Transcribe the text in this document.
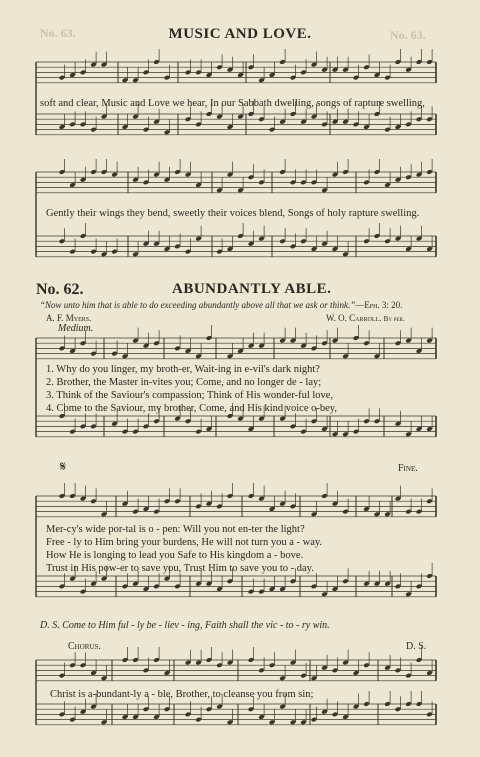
No. 63.	No. 63.
MUSIC AND LOVE.
soft and clear, Music and Love we hear, In our Sabbath dwelling, songs of rapture swelling,
Gently their wings they bend, sweetly their voices blend, Songs of holy rapture swelling.
No. 62.	ABUNDANTLY ABLE.
“Now unto him that is able to do exceeding abundantly above all that we ask or think.”—Eph. 3: 20.
A. F. Myers.	W. O. Carroll. By per.
Medium.
1. Why do you linger, my broth-er, Wait-ing in e-vil's dark night?
2. Brother, the Master in-vites you; Come, and no longer de - lay;
3. Think of the Saviour's compassion; Think of His wonder-ful love,
4. Come to the Saviour, my brother, Come, and His kind voice o-bey,
𝄋	Fine.
Mer-cy's wide por-tal is o - pen: Will you not en-ter the light?
Free - ly to Him bring your burdens, He will not turn you a - way.
How He is longing to lead you Safe to His kingdom a - bove.
Trust in His pow-er to save you, Trust Him to save you to - day.
D. S. Come to Him ful - ly be - liev - ing, Faith shall the vic - to - ry win.
Chorus.	D. S.
Christ is a-bundant-ly a - ble, Brother, to cleanse you from sin;
